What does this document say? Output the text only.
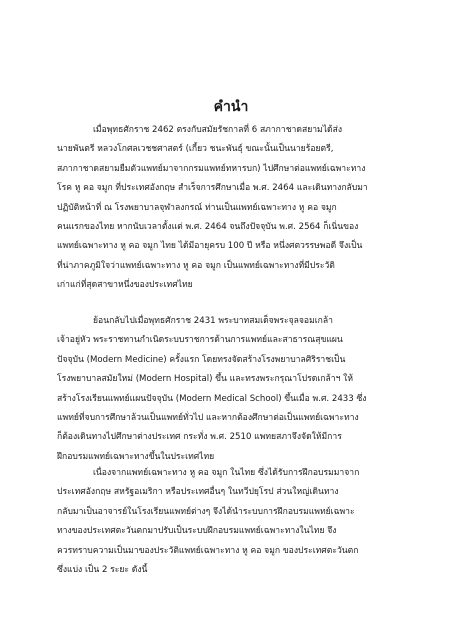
คำนำ
เมื่อพุทธศักราช 2462 ตรงกับสมัยรัชกาลที่ 6 สภากาชาดสยามได้ส่ง
นายพันตรี หลวงโกศลเวชชศาสตร์ (เกี้ยว ชนะพันธุ์ ขณะนั้นเป็นนายร้อยตรี,
สภากาชาดสยามยืมตัวแพทย์มาจากกรมแพทย์ทหารบก) ไปศึกษาต่อแพทย์เฉพาะทาง
โรค หู คอ จมูก ที่ประเทศอังกฤษ สำเร็จการศึกษาเมื่อ พ.ศ. 2464 และเดินทางกลับมา
ปฏิบัติหน้าที่ ณ โรงพยาบาลจุฬาลงกรณ์ ท่านเป็นแพทย์เฉพาะทาง หู คอ จมูก
คนแรกของไทย หากนับเวลาตั้งแต่ พ.ศ. 2464 จนถึงปัจจุบัน พ.ศ. 2564 ก็เนิ่นของ
แพทย์เฉพาะทาง หู คอ จมูก ไทย ได้มีอายุครบ 100 ปี หรือ หนึ่งศตวรรษพอดี จึงเป็น
ที่น่าภาคภูมิใจว่าแพทย์เฉพาะทาง หู คอ จมูก เป็นแพทย์เฉพาะทางที่มีประวัติ
เก่าแก่ที่สุดสาขาหนึ่งของประเทศไทย
ย้อนกลับไปเมื่อพุทธศักราช 2431 พระบาทสมเด็จพระจุลจอมเกล้า
เจ้าอยู่หัว พระราชทานกำเนิดระบบราชการด้านการแพทย์และสาธารณสุขแผน
ปัจจุบัน (Modern Medicine) ครั้งแรก โดยทรงจัดสร้างโรงพยาบาลศิริราชเป็น
โรงพยาบาลสมัยใหม่ (Modern Hospital) ขึ้น และทรงพระกรุณาโปรดเกล้าฯ ให้
สร้างโรงเรียนแพทย์แผนปัจจุบัน (Modern Medical School) ขึ้นเมื่อ พ.ศ. 2433 ซึ่ง
แพทย์ที่จบการศึกษาล้วนเป็นแพทย์ทั่วไป และหากต้องศึกษาต่อเป็นแพทย์เฉพาะทาง
ก็ต้องเดินทางไปศึกษาต่างประเทศ กระทั่ง พ.ศ. 2510 แพทยสภาจึงจัดให้มีการ
ฝึกอบรมแพทย์เฉพาะทางขึ้นในประเทศไทย
เนื่องจากแพทย์เฉพาะทาง หู คอ จมูก ในไทย ซึ่งได้รับการฝึกอบรมมาจาก
ประเทศอังกฤษ สหรัฐอเมริกา หรือประเทศอื่นๆ ในทวีปยุโรป ส่วนใหญ่เดินทาง
กลับมาเป็นอาจารย์ในโรงเรียนแพทย์ต่างๆ จึงได้นำระบบการฝึกอบรมแพทย์เฉพาะ
ทางของประเทศตะวันตกมาปรับเป็นระบบฝึกอบรมแพทย์เฉพาะทางในไทย จึง
ควรทราบความเป็นมาของประวัติแพทย์เฉพาะทาง หู คอ จมูก ของประเทศตะวันตก
ซึ่งแบ่ง เป็น 2 ระยะ ดังนี้
